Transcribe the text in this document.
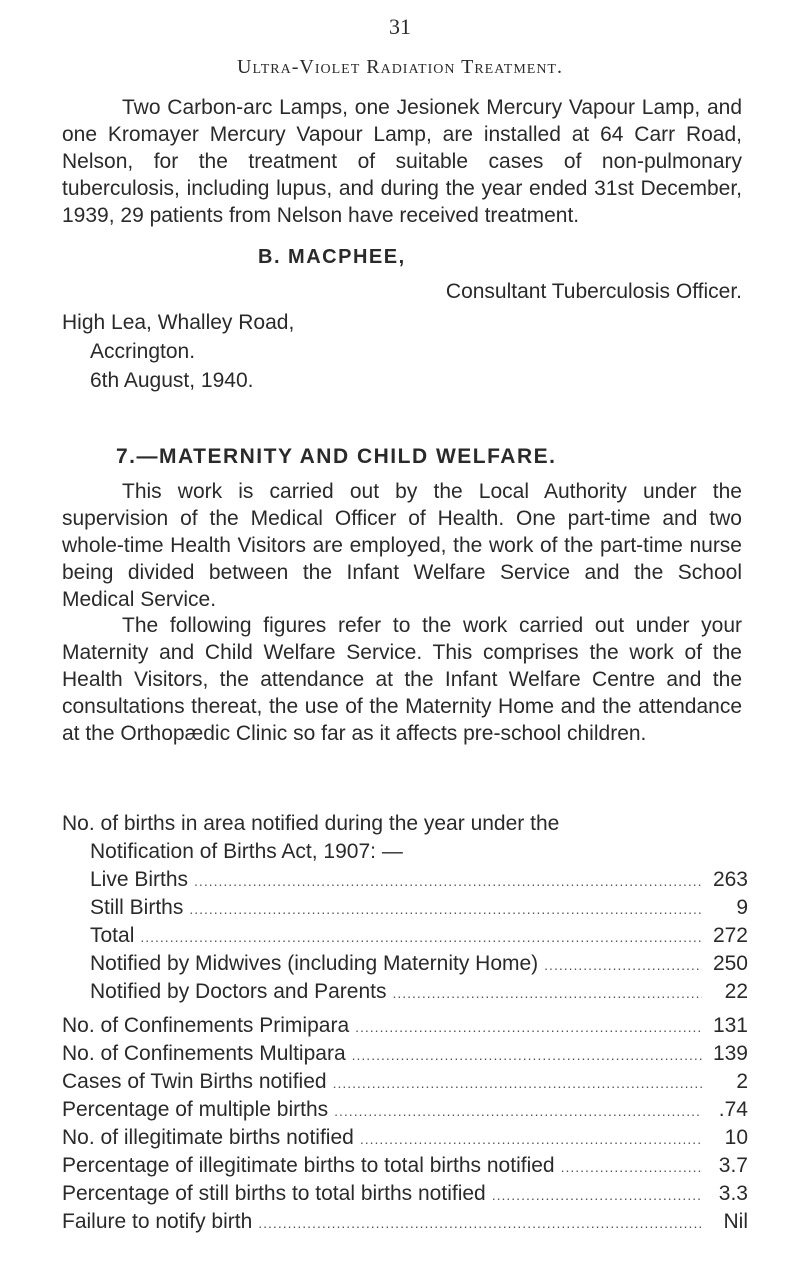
31
Ultra-Violet Radiation Treatment.
Two Carbon-arc Lamps, one Jesionek Mercury Vapour Lamp, and one Kromayer Mercury Vapour Lamp, are installed at 64 Carr Road, Nelson, for the treatment of suitable cases of non-pulmonary tuberculosis, including lupus, and during the year ended 31st December, 1939, 29 patients from Nelson have received treatment.
B. MACPHEE,
Consultant Tuberculosis Officer.
High Lea, Whalley Road,
Accrington.
6th August, 1940.
7.—MATERNITY AND CHILD WELFARE.
This work is carried out by the Local Authority under the supervision of the Medical Officer of Health. One part-time and two whole-time Health Visitors are employed, the work of the part-time nurse being divided between the Infant Welfare Service and the School Medical Service.
The following figures refer to the work carried out under your Maternity and Child Welfare Service. This comprises the work of the Health Visitors, the attendance at the Infant Welfare Centre and the consultations thereat, the use of the Maternity Home and the attendance at the Orthopædic Clinic so far as it affects pre-school children.
No. of births in area notified during the year under the
Notification of Births Act, 1907: —
Live Births .....	263
Still Births .....	9
Total .....	272
Notified by Midwives (including Maternity Home) .....	250
Notified by Doctors and Parents .....	22
No. of Confinements Primipara .....	131
No. of Confinements Multipara .....	139
Cases of Twin Births notified .....	2
Percentage of multiple births .....	.74
No. of illegitimate births notified .....	10
Percentage of illegitimate births to total births notified .....	3.7
Percentage of still births to total births notified .....	3.3
Failure to notify birth .....	Nil
